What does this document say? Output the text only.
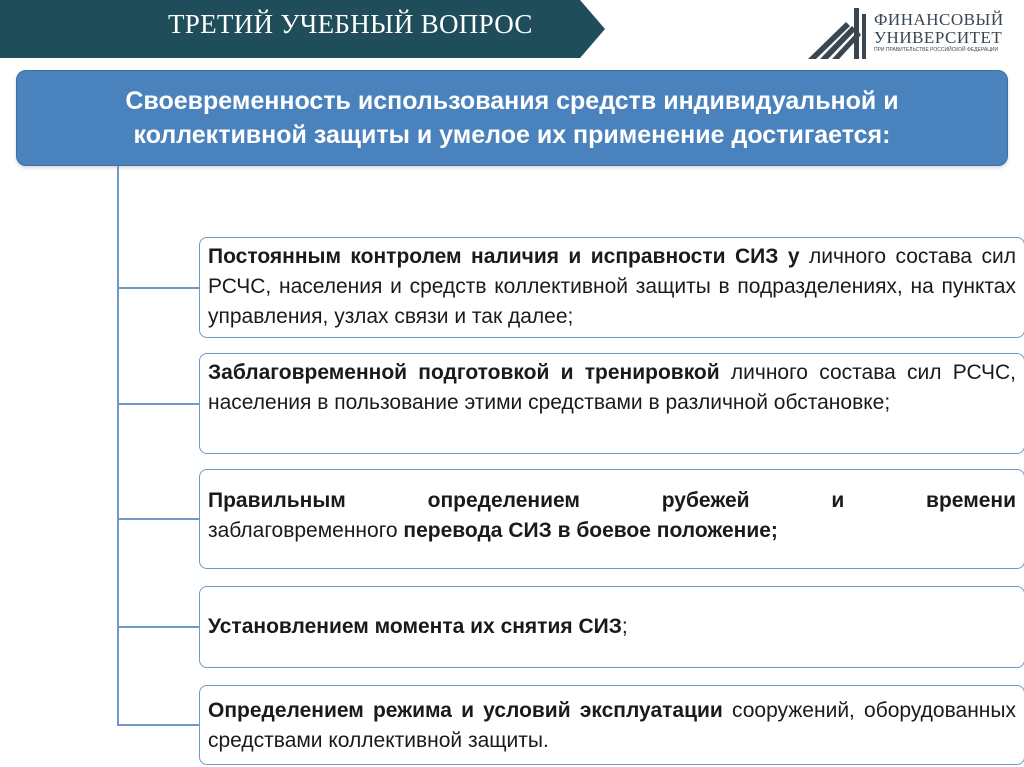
ТРЕТИЙ УЧЕБНЫЙ ВОПРОС	ФИНАНСОВЫЙ
УНИВЕРСИТЕТ
ПРИ ПРАВИТЕЛЬСТВЕ РОССИЙСКОЙ ФЕДЕРАЦИИ
Своевременность использования средств индивидуальной и
коллективной защиты и умелое их применение достигается:
Постоянным контролем наличия и исправности СИЗ у личного состава сил РСЧС, населения и средств коллективной защиты в подразделениях, на пунктах управления, узлах связи и так далее;
Заблаговременной подготовкой и тренировкой личного состава сил РСЧС, населения в пользование этими средствами в различной обстановке;
Правильным определением рубежей и времени
заблаговременного перевода СИЗ в боевое положение;
Установлением момента их снятия СИЗ;
Определением режима и условий эксплуатации сооружений, оборудованных средствами коллективной защиты.
